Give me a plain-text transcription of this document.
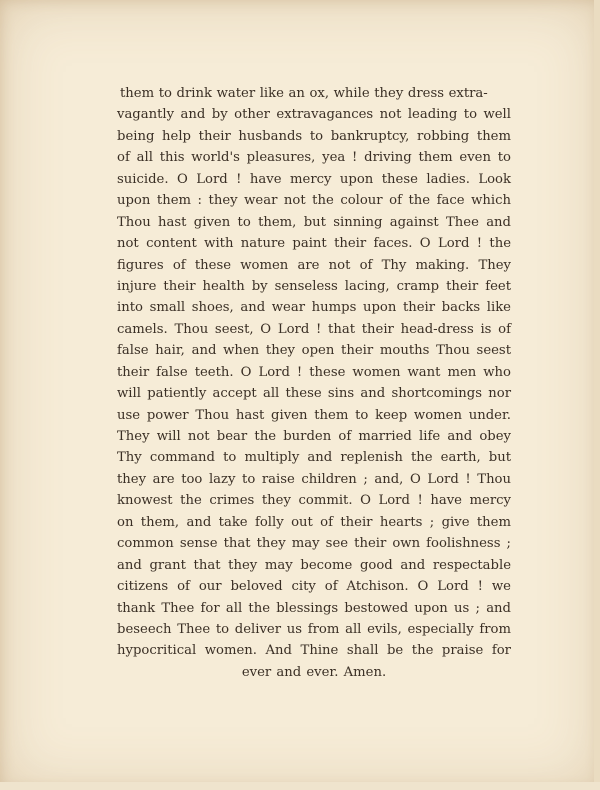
them to drink water like an ox, while they dress extra-
vagantly and by other extravagances not leading to well
being help their husbands to bankruptcy, robbing them
of all this world's pleasures, yea ! driving them even to
suicide. O Lord ! have mercy upon these ladies. Look
upon them : they wear not the colour of the face which
Thou hast given to them, but sinning against Thee and
not content with nature paint their faces. O Lord ! the
figures of these women are not of Thy making. They
injure their health by senseless lacing, cramp their feet
into small shoes, and wear humps upon their backs like
camels. Thou seest, O Lord ! that their head-dress is of
false hair, and when they open their mouths Thou seest
their false teeth. O Lord ! these women want men who
will patiently accept all these sins and shortcomings nor
use power Thou hast given them to keep women under.
They will not bear the burden of married life and obey
Thy command to multiply and replenish the earth, but
they are too lazy to raise children ; and, O Lord ! Thou
knowest the crimes they commit. O Lord ! have mercy
on them, and take folly out of their hearts ; give them
common sense that they may see their own foolishness ;
and grant that they may become good and respectable
citizens of our beloved city of Atchison. O Lord ! we
thank Thee for all the blessings bestowed upon us ; and
beseech Thee to deliver us from all evils, especially from
hypocritical women. And Thine shall be the praise for
ever and ever. Amen.
